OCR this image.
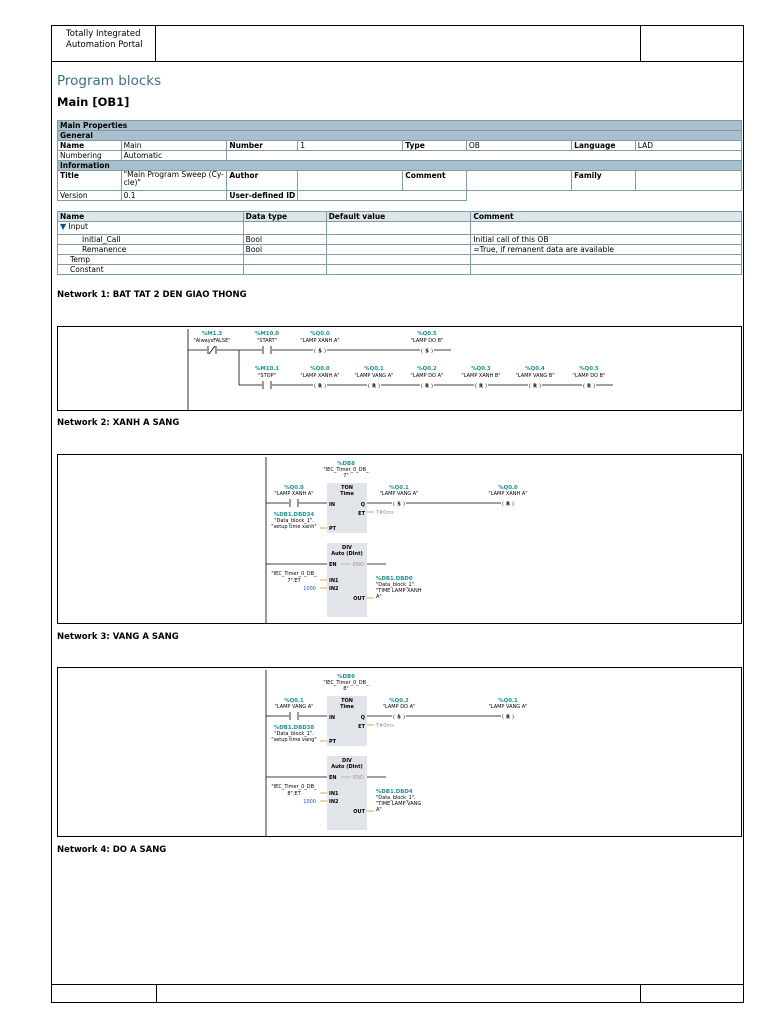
Totally Integrated
Automation Portal
Program blocks
Main [OB1]
Main Properties							
General							
Name	Main	Number	1	Type	OB	Language	LAD
Numbering	Automatic						
Information							
Title	"Main Program Sweep (Cy-
cle)"	Author		Comment		Family	
Version	0.1	User-defined ID					
Name	Data type	Default value	Comment
▼ Input			
Initial_Call	Bool		Initial call of this OB
Remanence	Bool		=True, if remanent data are available
Temp			
Constant			
Network 1: BAT TAT 2 DEN GIAO THONG
%M1.3
"AlwaysFALSE"
%M10.0
"START"
%Q0.0
"LAMP XANH A"
( )
S
%Q0.5
"LAMP DO B"
( )
S
%M10.1
"STOP"
%Q0.0
"LAMP XANH A"
( )
R
%Q0.1
"LAMP VANG A"
( )
R
%Q0.2
"LAMP DO A"
( )
R
%Q0.3
"LAMP XANH B"
( )
R
%Q0.4
"LAMP VANG B"
( )
R
%Q0.5
"LAMP DO B"
( )
R
Network 2: XANH A SANG
%DB8
"IEC_Timer_0_DB_
7"
TON
Time
IN	Q
ET
PT
%Q0.0
"LAMP XANH A"
%DB1.DBD34
"Data_block_1".
"setup time xanh"
T#0ms
%Q0.1
"LAMP VANG A"
( )
S
%Q0.0
"LAMP XANH A"
( )
R
DIV
Auto (DInt)
EN	ENO
"IEC_Timer_0_DB_
7".ET	IN1
1000	IN2
OUT
%DB1.DBD0
"Data_block_1".
"TIME LAMP XANH
A"
Network 3: VANG A SANG
%DB9
"IEC_Timer_0_DB_
8"
TON
Time
IN	Q
ET
PT
%Q0.1
"LAMP VANG A"
%DB1.DBD38
"Data_block_1".
"setup time vang"
T#0ms
%Q0.2
"LAMP DO A"
( )
S
%Q0.1
"LAMP VANG A"
( )
R
DIV
Auto (DInt)
EN	ENO
"IEC_Timer_0_DB_
8".ET	IN1
1000	IN2
OUT
%DB1.DBD4
"Data_block_1".
"TIME LAMP VANG
A"
Network 4: DO A SANG
